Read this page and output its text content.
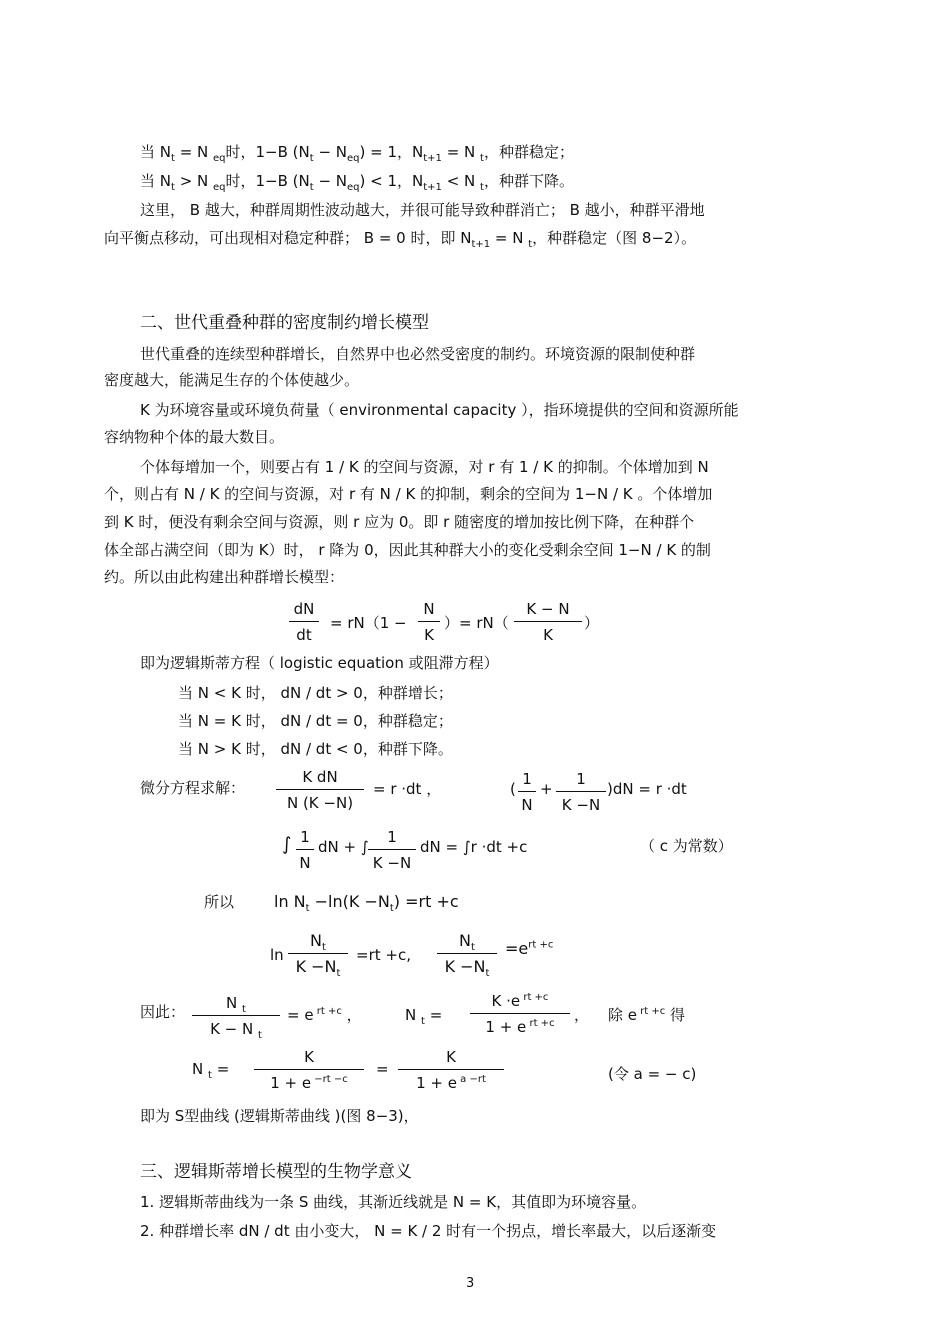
当 $N_t = N$ $_{eq}$时，1−B $(N_t - N_{eq}) = 1$，$N_{t+1} = N$ $_t$，种群稳定；
当 $N_t > N$ $_{eq}$时，1−B $(N_t - N_{eq}) < 1$，$N_{t+1} < N$ $_t$，种群下降。
这里， B 越大，种群周期性波动越大，并很可能导致种群消亡； B 越小，种群平滑地
向平衡点移动，可出现相对稳定种群； B = 0 时，即 $N_{t+1} = N$ $_t$，种群稳定（图 8−2）。
二、世代重叠种群的密度制约增长模型
世代重叠的连续型种群增长，自然界中也必然受密度的制约。环境资源的限制使种群
密度越大，能满足生存的个体使越少。
K 为环境容量或环境负荷量（ environmental capacity ），指环境提供的空间和资源所能
容纳物种个体的最大数目。
个体每增加一个，则要占有 1 / K 的空间与资源，对 r 有 1 / K 的抑制。个体增加到 N
个，则占有 N / K 的空间与资源，对 r 有 N / K 的抑制，剩余的空间为 1−N / K 。个体增加
到 K 时，便没有剩余空间与资源，则 r 应为 0。即 r 随密度的增加按比例下降，在种群个
体全部占满空间（即为 K）时， r 降为 0，因此其种群大小的变化受剩余空间 1−N / K 的制
约。所以由此构建出种群增长模型：
$\frac{dN}{dt} = rN(1 - \frac{N}{K}$ ）= $rN( \frac{K - N}{K}$ ）
即为逻辑斯蒂方程（ logistic equation 或阻滞方程）
当 N < K 时， dN / dt > 0，种群增长；
当 N = K 时， dN / dt = 0，种群稳定；
当 N > K 时， dN / dt < 0，种群下降。
微分方程求解： $\frac{\text{K dN}}{N (K -N)} = r \cdot dt$ ，	( $\frac{1}{N} + \frac{1}{K -N} )dN = r \cdot dt$
∫ $\frac{1}{N}$ dN + ∫ $\frac{1}{K -N}$ dN = ∫r ·dt +c	（ c 为常数）
所以 $\ln N_t -\ln(K -N_t) =rt +c$
$\ln \frac{N_t}{K -N_t} =rt +c$, $\frac{N_t}{K -N_t} =e^{rt +c}$
因此： $\frac{N _t}{K - N _t} = e$ $^{rt +c}$ ，	N $_t = \frac{K \cdot e ^{rt +c}}{1 + e ^{rt +c}}$ ， 除 e $^{rt +c}$ 得
N $_t = \frac{K}{1 + e ^{-rt -c}} = \frac{K}{1 + e ^{a -rt}}$	(令 a = − c)
即为 S型曲线 (逻辑斯蒂曲线 )(图 8−3)，
三、逻辑斯蒂增长模型的生物学意义
1. 逻辑斯蒂曲线为一条 S 曲线，其渐近线就是 N = K，其值即为环境容量。
2. 种群增长率 dN / dt 由小变大， N = K / 2 时有一个拐点，增长率最大，以后逐渐变
3
